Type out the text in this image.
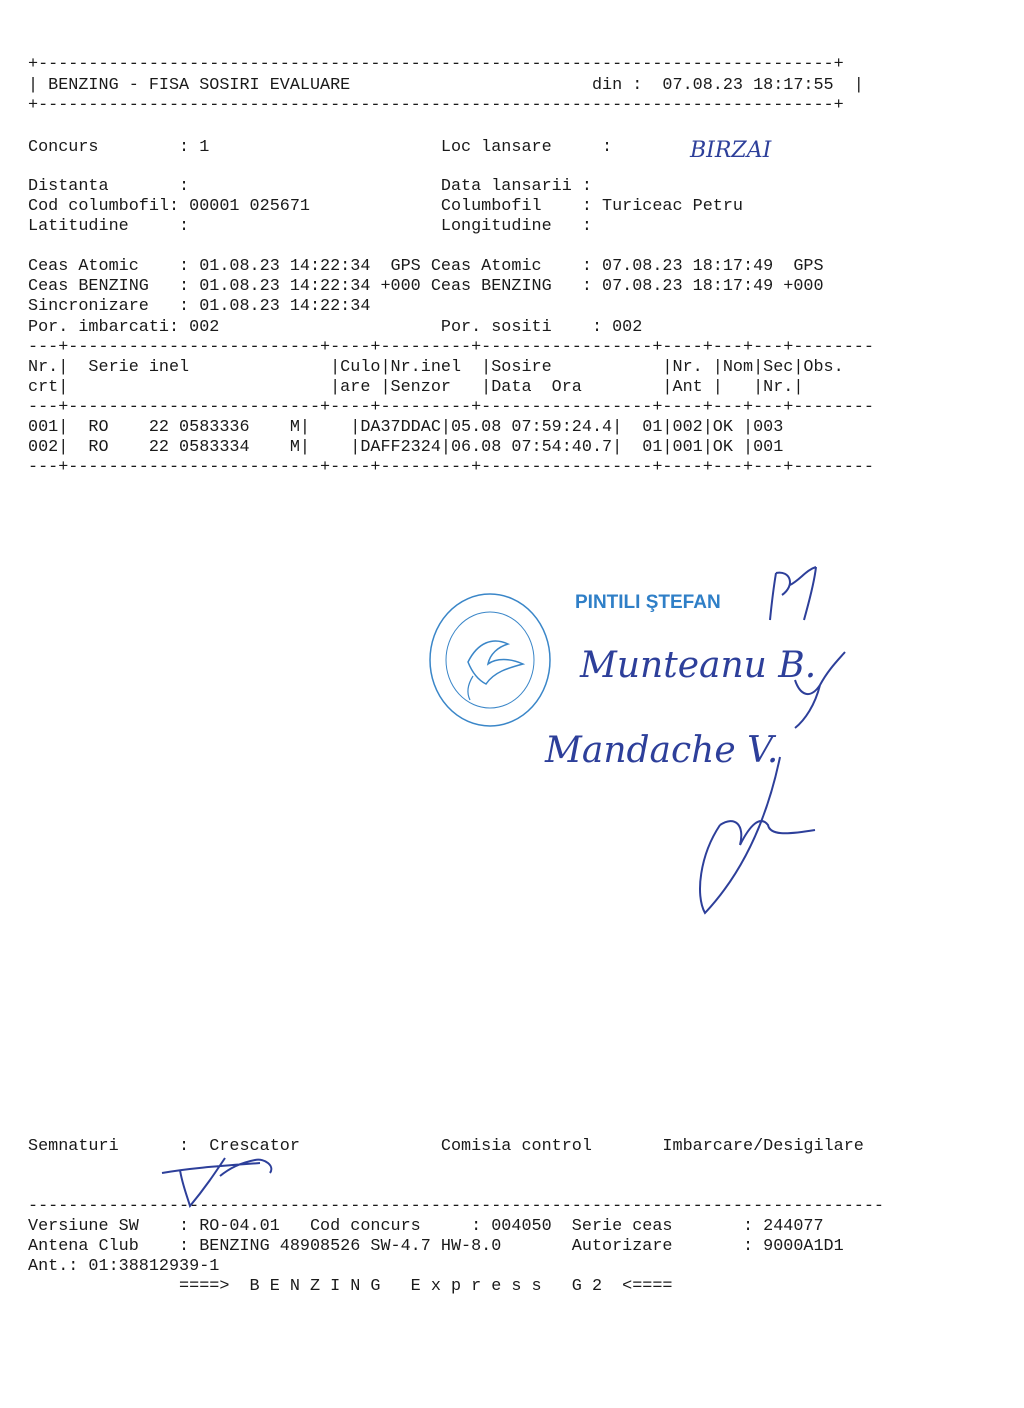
+-------------------------------------------------------------------------------+
| BENZING - FISA SOSIRI EVALUARE                        din :  07.08.23 18:17:55  |
+-------------------------------------------------------------------------------+
Concurs        : 1                       Loc lansare     :
Distanta       :                         Data lansarii :
Cod columbofil: 00001 025671             Columbofil    : Turiceac Petru
Latitudine     :                         Longitudine   :
Ceas Atomic    : 01.08.23 14:22:34  GPS Ceas Atomic    : 07.08.23 18:17:49  GPS
Ceas BENZING   : 01.08.23 14:22:34 +000 Ceas BENZING   : 07.08.23 18:17:49 +000
Sincronizare   : 01.08.23 14:22:34
Por. imbarcati: 002                      Por. sositi    : 002
BIRZAI
---+-------------------------+----+---------+-----------------+----+---+---+--------
Nr.|  Serie inel              |Culo|Nr.inel  |Sosire           |Nr. |Nom|Sec|Obs.
crt|                          |are |Senzor   |Data  Ora        |Ant |   |Nr.|
---+-------------------------+----+---------+-----------------+----+---+---+--------
001|  RO    22 0583336    M|    |DA37DDAC|05.08 07:59:24.4|  01|002|OK |003
002|  RO    22 0583334    M|    |DAFF2324|06.08 07:54:40.7|  01|001|OK |001
---+-------------------------+----+---------+-----------------+----+---+---+--------
PINTILI ŞTEFAN
Munteanu B.
Mandache V.
Semnaturi      :  Crescator              Comisia control       Imbarcare/Desigilare
-------------------------------------------------------------------------------------
Versiune SW    : RO-04.01   Cod concurs     : 004050  Serie ceas       : 244077
Antena Club    : BENZING 48908526 SW-4.7 HW-8.0       Autorizare       : 9000A1D1
Ant.: 01:38812939-1
====>  B E N Z I N G   E x p r e s s   G 2  <====
